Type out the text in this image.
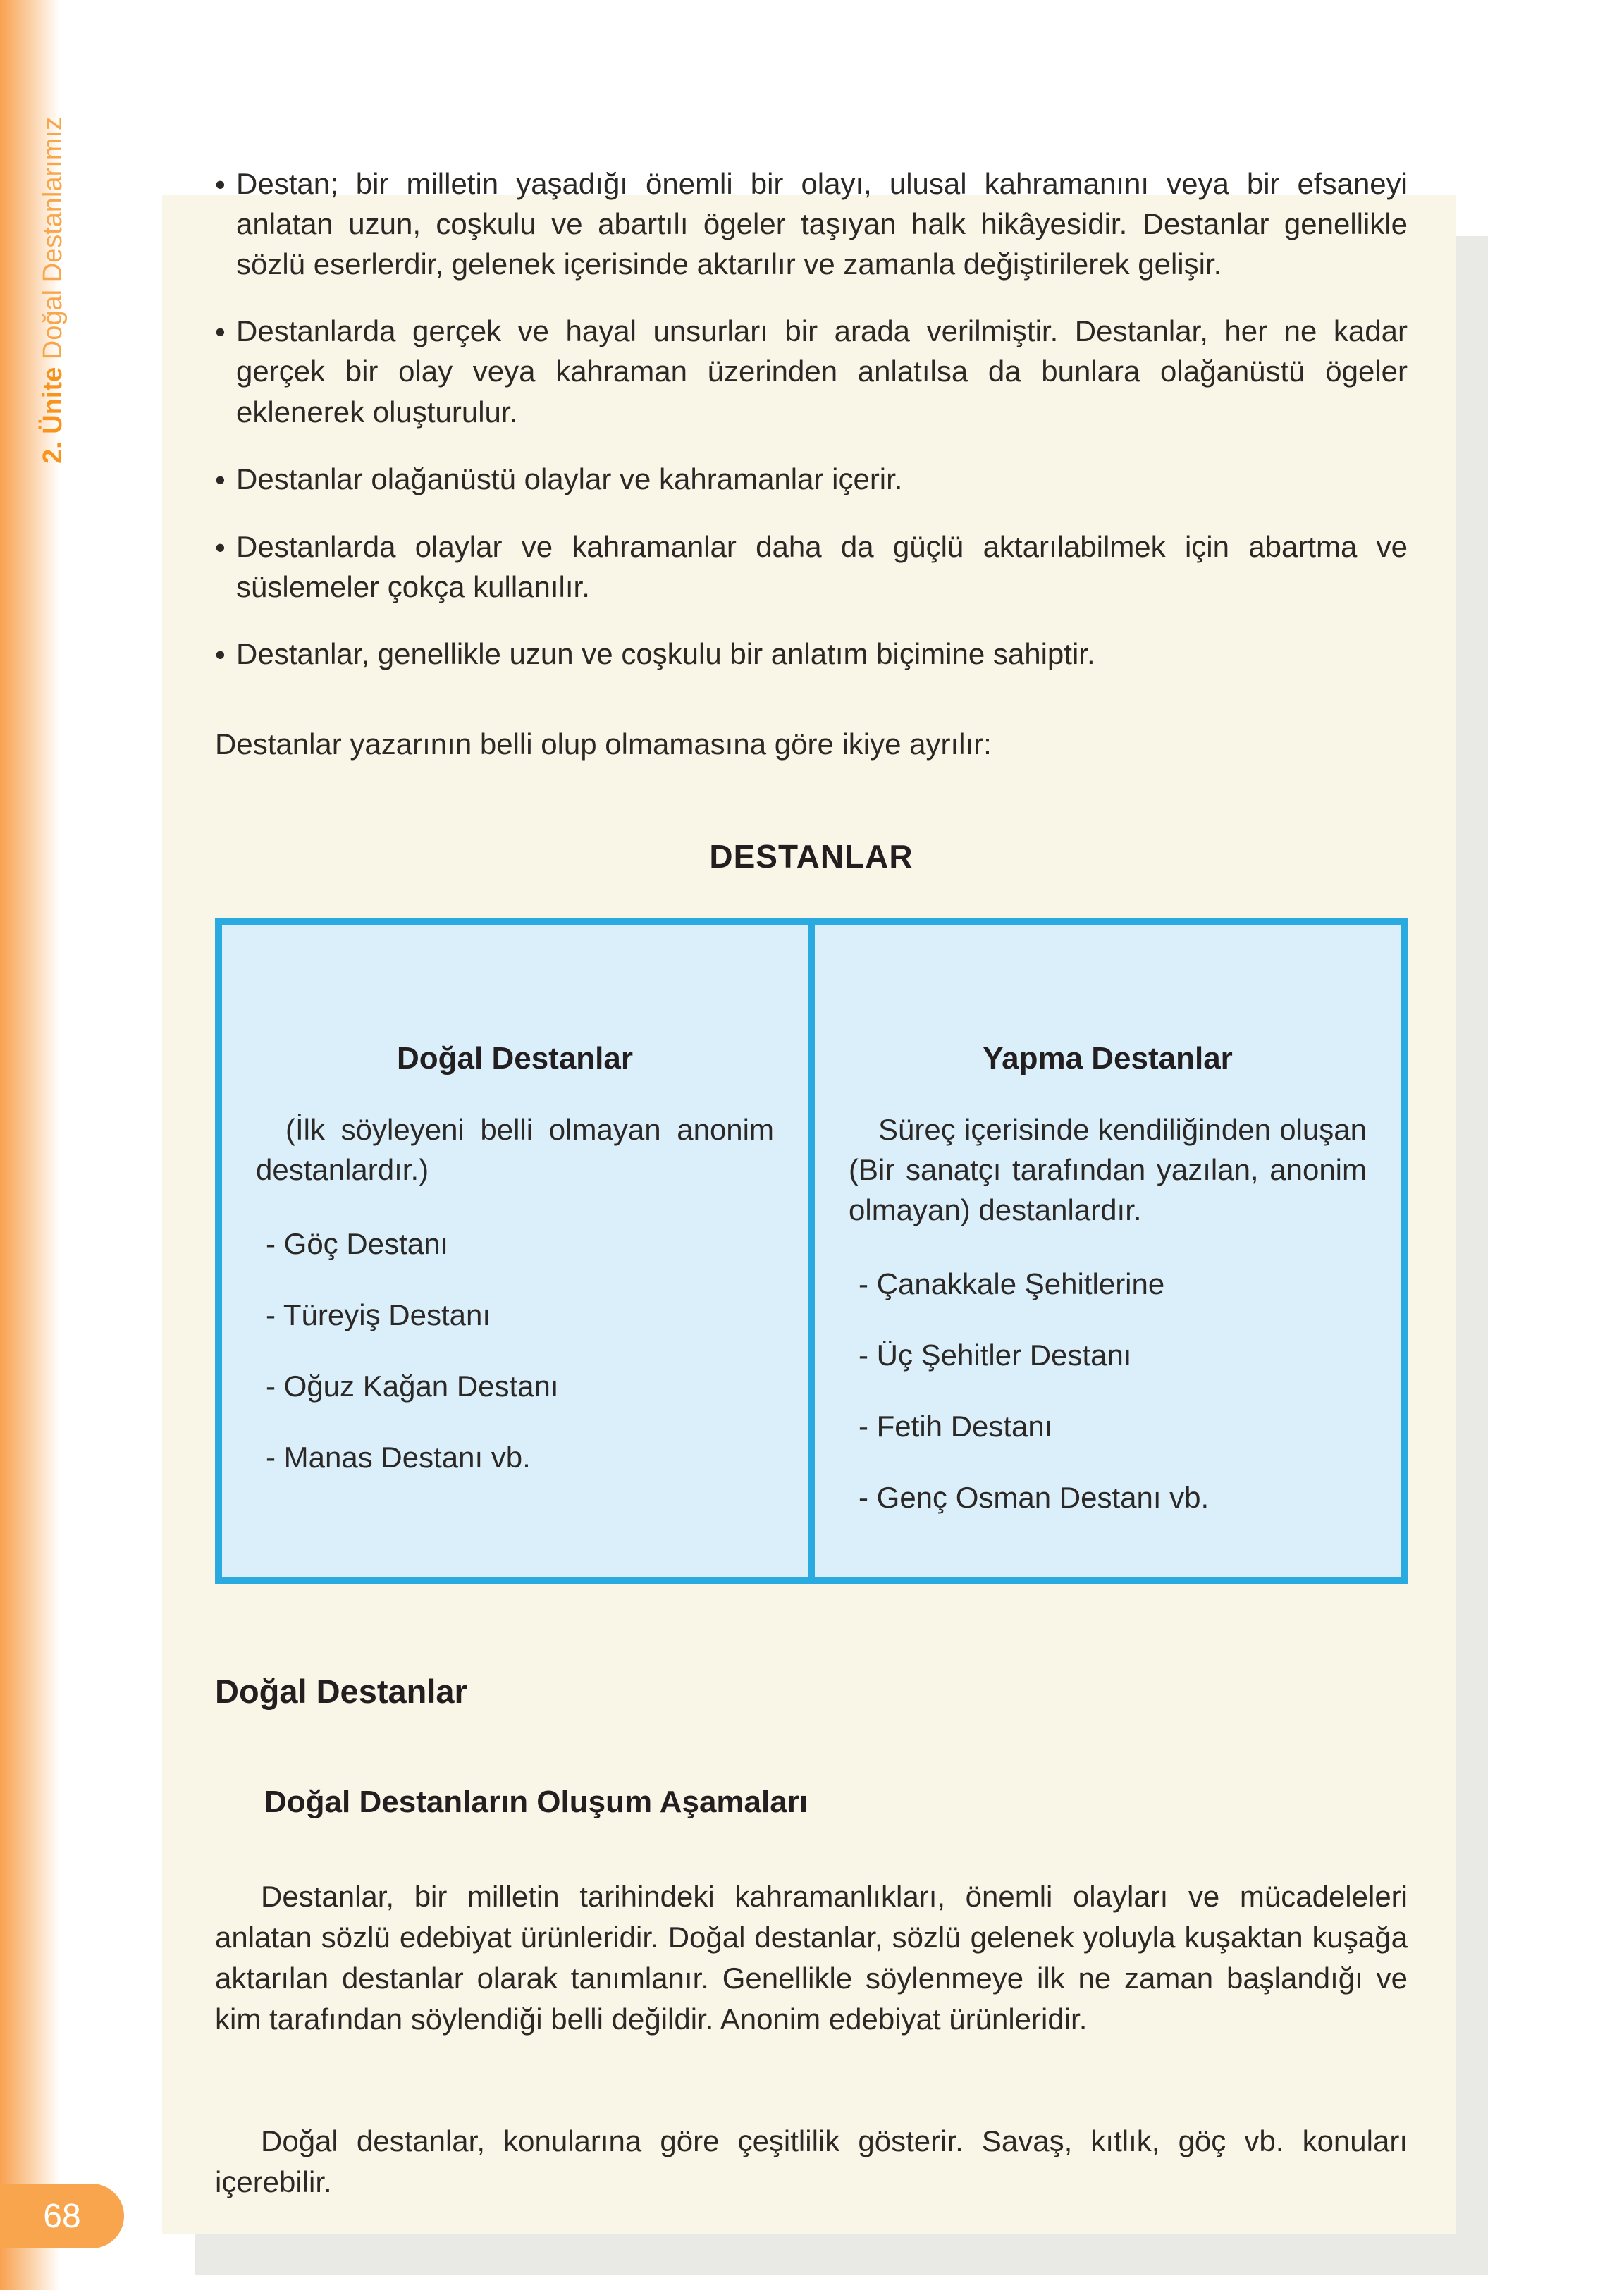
2. Ünite Doğal Destanlarımız	• Destan; bir milletin yaşadığı önemli bir olayı, ulusal kahramanını veya bir efsaneyi anlatan uzun, coşkulu ve abartılı ögeler taşıyan halk hikâyesidir. Destanlar genellikle sözlü eserlerdir, gelenek içerisinde aktarılır ve zamanla değiştirilerek gelişir.

• Destanlarda gerçek ve hayal unsurları bir arada verilmiştir. Destanlar, her ne kadar gerçek bir olay veya kahraman üzerinden anlatılsa da bunlara olağanüstü ögeler eklenerek oluşturulur.

• Destanlar olağanüstü olaylar ve kahramanlar içerir.

• Destanlarda olaylar ve kahramanlar daha da güçlü aktarılabilmek için abartma ve süslemeler çokça kullanılır.

• Destanlar, genellikle uzun ve coşkulu bir anlatım biçimine sahiptir.

Destanlar yazarının belli olup olmamasına göre ikiye ayrılır:

DESTANLAR
Doğal Destanlar

(İlk söyleyeni belli olmayan anonim destanlardır.)

- Göç Destanı
- Türeyiş Destanı
- Oğuz Kağan Destanı
- Manas Destanı vb.
Yapma Destanlar

Süreç içerisinde kendiliğinden oluşan (Bir sanatçı tarafından yazılan, anonim olmayan) destanlardır.

- Çanakkale Şehitlerine
- Üç Şehitler Destanı
- Fetih Destanı
- Genç Osman Destanı vb.
Doğal Destanlar
Doğal Destanların Oluşum Aşamaları

Destanlar, bir milletin tarihindeki kahramanlıkları, önemli olayları ve mücadeleleri anlatan sözlü edebiyat ürünleridir. Doğal destanlar, sözlü gelenek yoluyla kuşaktan kuşağa aktarılan destanlar olarak tanımlanır. Genellikle söylenmeye ilk ne zaman başlandığı ve kim tarafından söylendiği belli değildir. Anonim edebiyat ürünleridir.

Doğal destanlar, konularına göre çeşitlilik gösterir. Savaş, kıtlık, göç vb. konuları içerebilir.

68
